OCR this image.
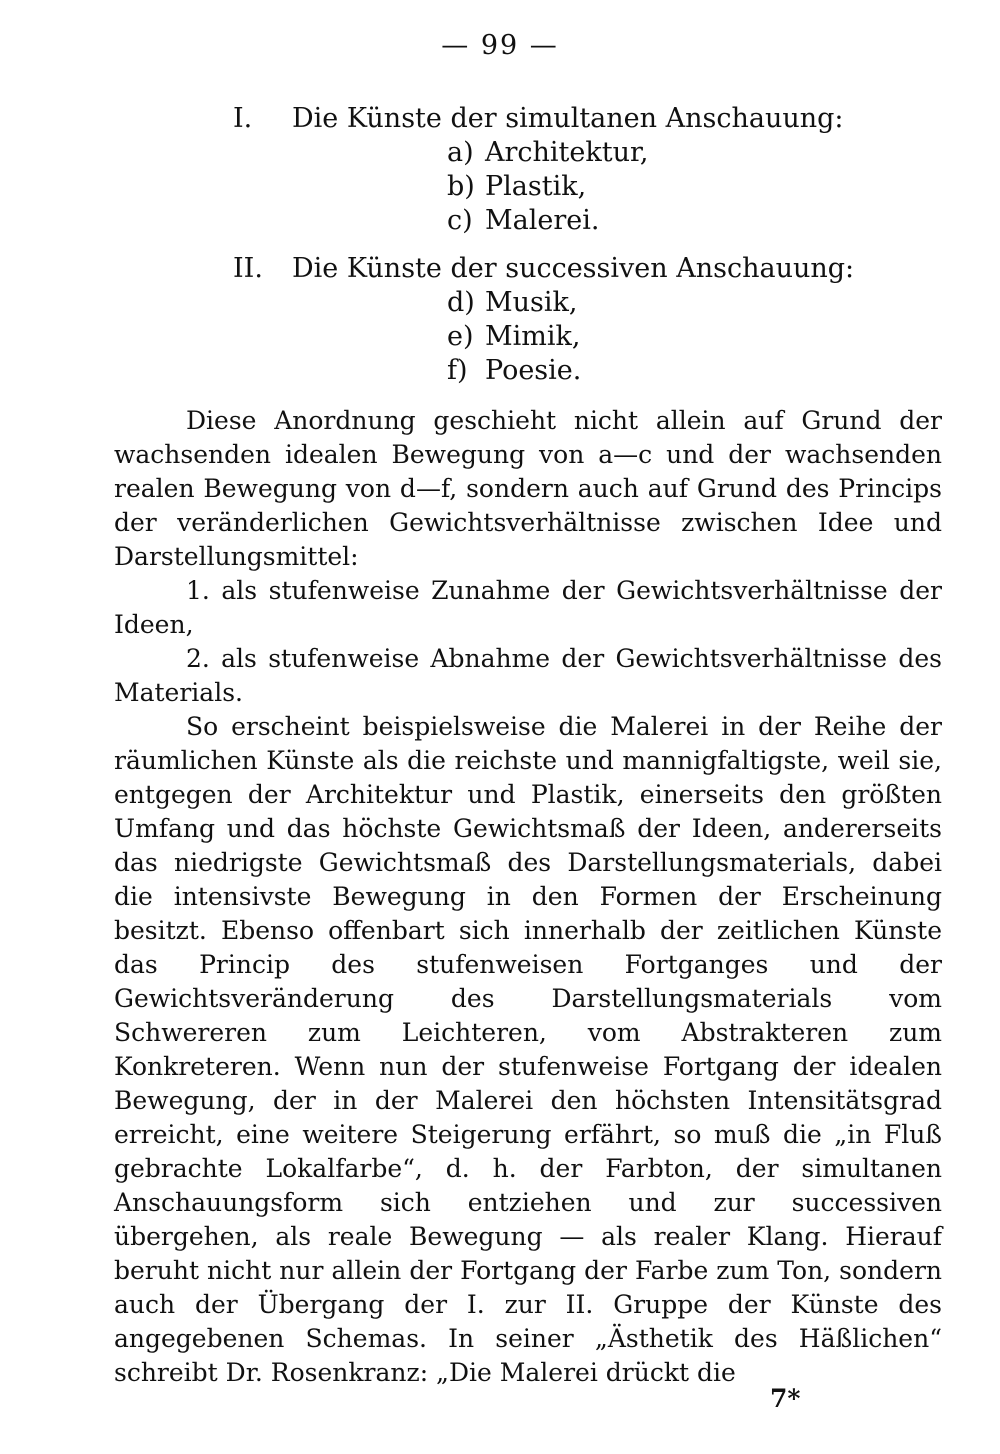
— 99 —
I. Die Künste der simultanen Anschauung:
a) Architektur,
b) Plastik,
c) Malerei.
II. Die Künste der successiven Anschauung:
d) Musik,
e) Mimik,
f) Poesie.

Diese Anordnung geschieht nicht allein auf Grund der wachsenden idealen Bewegung von a—c und der wachsenden realen Bewegung von d—f, sondern auch auf Grund des Princips der veränderlichen Gewichtsverhältnisse zwischen Idee und Darstellungsmittel:

1. als stufenweise Zunahme der Gewichtsverhältnisse der Ideen,

2. als stufenweise Abnahme der Gewichtsverhältnisse des Materials.

So erscheint beispielsweise die Malerei in der Reihe der räumlichen Künste als die reichste und mannigfaltigste, weil sie, entgegen der Architektur und Plastik, einerseits den größten Umfang und das höchste Gewichtsmaß der Ideen, andererseits das niedrigste Gewichtsmaß des Darstellungsmaterials, dabei die intensivste Bewegung in den Formen der Erscheinung besitzt. Ebenso offenbart sich innerhalb der zeitlichen Künste das Princip des stufenweisen Fortganges und der Gewichtsveränderung des Darstellungsmaterials vom Schwereren zum Leichteren, vom Abstrakteren zum Konkreteren. Wenn nun der stufenweise Fortgang der idealen Bewegung, der in der Malerei den höchsten Intensitätsgrad erreicht, eine weitere Steigerung erfährt, so muß die „in Fluß gebrachte Lokalfarbe“, d. h. der Farbton, der simultanen Anschauungsform sich entziehen und zur successiven übergehen, als reale Bewegung — als realer Klang. Hierauf beruht nicht nur allein der Fortgang der Farbe zum Ton, sondern auch der Übergang der I. zur II. Gruppe der Künste des angegebenen Schemas. In seiner „Ästhetik des Häßlichen“ schreibt Dr. Rosenkranz: „Die Malerei drückt die

7*
